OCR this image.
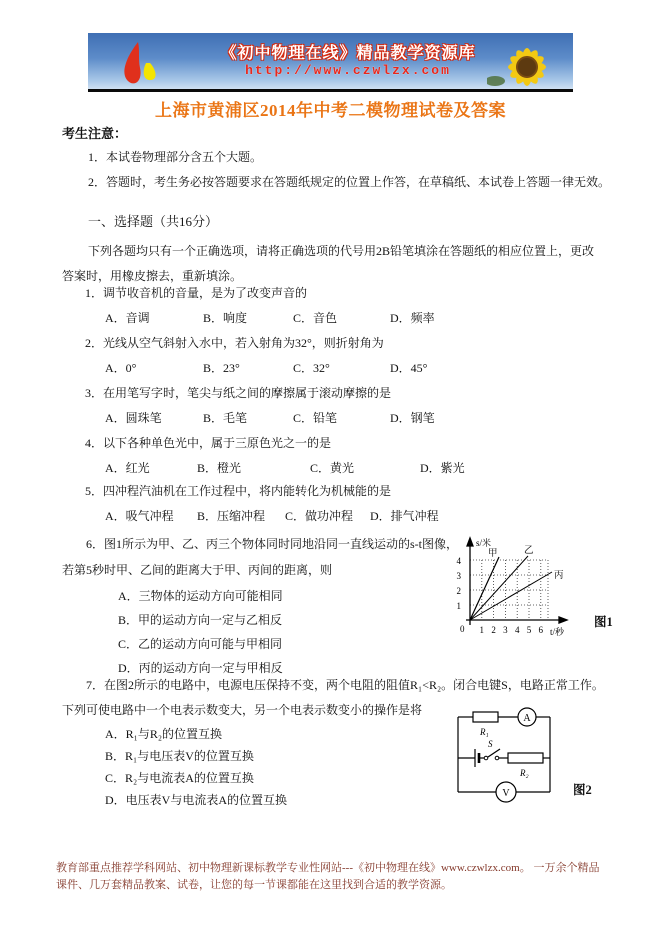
《初中物理在线》精品教学资源库
http://www.czwlzx.com
上海市黄浦区2014年中考二模物理试卷及答案
考生注意：
1．本试卷物理部分含五个大题。
2．答题时，考生务必按答题要求在答题纸规定的位置上作答，在草稿纸、本试卷上答题一律无效。
一、选择题（共16分）
下列各题均只有一个正确选项，请将正确选项的代号用2B铅笔填涂在答题纸的相应位置上，更改答案时，用橡皮擦去，重新填涂。
1．调节收音机的音量，是为了改变声音的
A．音调	B．响度	C．音色	D．频率
2．光线从空气斜射入水中，若入射角为32°，则折射角为
A．0°	B．23°	C．32°	D．45°
3．在用笔写字时，笔尖与纸之间的摩擦属于滚动摩擦的是
A．圆珠笔	B．毛笔	C．铅笔	D．钢笔
4．以下各种单色光中，属于三原色光之一的是
A．红光	B．橙光	C．黄光	D．紫光
5．四冲程汽油机在工作过程中，将内能转化为机械能的是
A．吸气冲程	B．压缩冲程	C．做功冲程	D．排气冲程
6．图1所示为甲、乙、丙三个物体同时同地沿同一直线运动的s-t图像，若第5秒时甲、乙间的距离大于甲、丙间的距离，则
A．三物体的运动方向可能相同
B．甲的运动方向一定与乙相反
C．乙的运动方向可能与甲相同
D．丙的运动方向一定与甲相反
s/米
t/秒
0
甲	乙
丙
4
3
2
1
1 2 3 4 5 6
图1
7．在图2所示的电路中，电源电压保持不变，两个电阻的阻值R₁<R₂。闭合电键S，电路正常工作。下列可使电路中一个电表示数变大，另一个电表示数变小的操作是将
A．R₁与R₂的位置互换
B．R₁与电压表V的位置互换
C．R₂与电流表A的位置互换
D．电压表V与电流表A的位置互换
R₁
A
S
R₂
V	图2
教育部重点推荐学科网站、初中物理新课标教学专业性网站---《初中物理在线》www.czwlzx.com。 一万余个精品课件、几万套精品教案、试卷，让您的每一节课都能在这里找到合适的教学资源。
